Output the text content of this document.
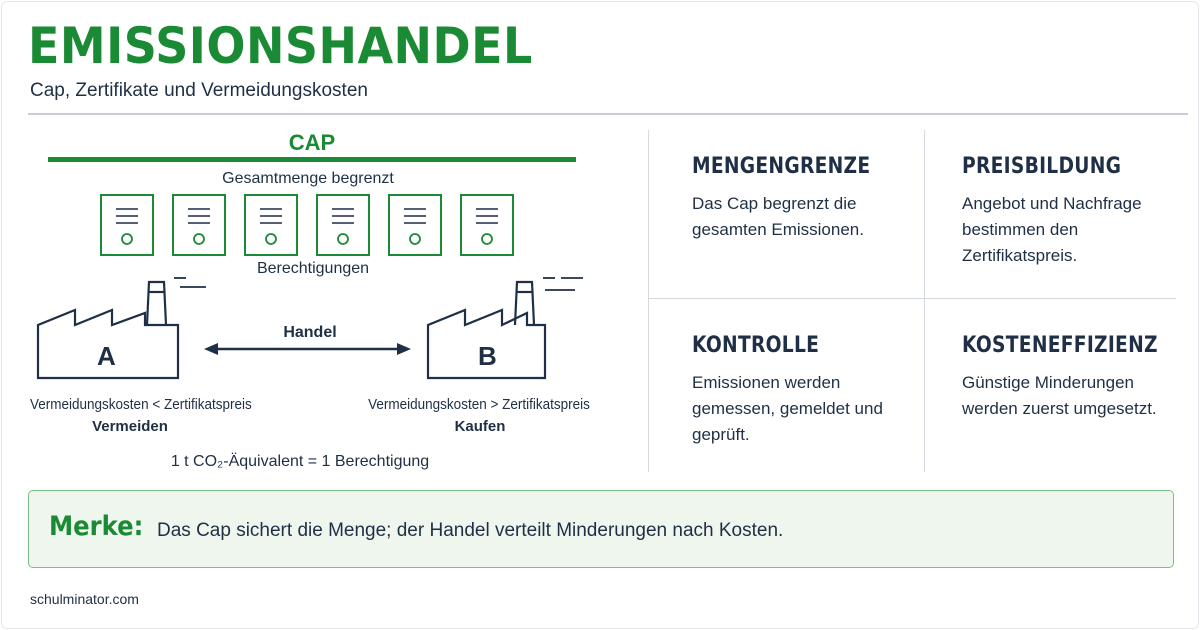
EMISSIONSHANDEL
Cap, Zertifikate und Vermeidungskosten
CAP
Gesamtmenge begrenzt
Berechtigungen
Handel
A	B
Vermeidungskosten < Zertifikatspreis	Vermeidungskosten > Zertifikatspreis
Vermeiden	Kaufen
1 t CO₂-Äquivalent = 1 Berechtigung
MENGENGRENZE
Das Cap begrenzt die gesamten Emissionen.
PREISBILDUNG
Angebot und Nachfrage bestimmen den Zertifikatspreis.
KONTROLLE
Emissionen werden gemessen, gemeldet und geprüft.
KOSTENEFFIZIENZ
Günstige Minderungen werden zuerst umgesetzt.
Merke: Das Cap sichert die Menge; der Handel verteilt Minderungen nach Kosten.
schulminator.com
